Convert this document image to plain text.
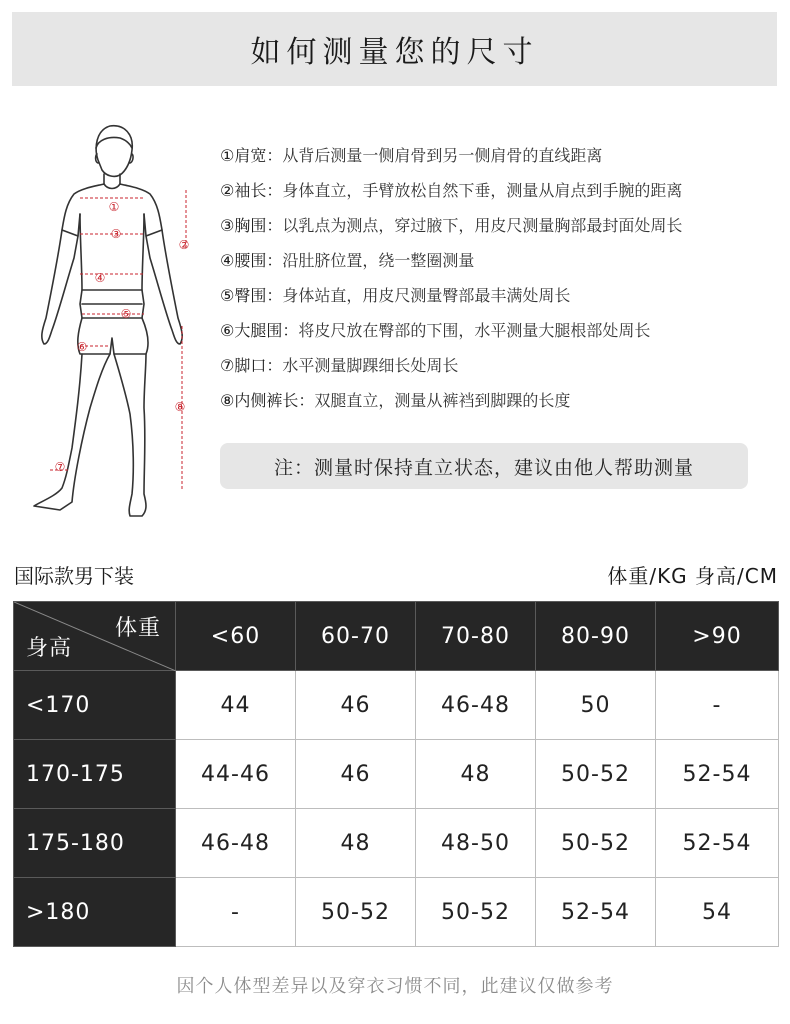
如何测量您的尺寸
①
②
③
④
⑤
⑥
⑦
⑧
①肩宽：从背后测量一侧肩骨到另一侧肩骨的直线距离
②袖长：身体直立，手臂放松自然下垂，测量从肩点到手腕的距离
③胸围：以乳点为测点，穿过腋下，用皮尺测量胸部最封面处周长
④腰围：沿肚脐位置，绕一整圈测量
⑤臀围：身体站直，用皮尺测量臀部最丰满处周长
⑥大腿围：将皮尺放在臀部的下围，水平测量大腿根部处周长
⑦脚口：水平测量脚踝细长处周长
⑧内侧裤长：双腿直立，测量从裤裆到脚踝的长度
注：测量时保持直立状态，建议由他人帮助测量
国际款男下装	体重/KG 身高/CM
体重
身高	<60	60-70	70-80	80-90	>90
<170	44	46	46-48	50	-
170-175	44-46	46	48	50-52	52-54
175-180	46-48	48	48-50	50-52	52-54
>180	-	50-52	50-52	52-54	54
因个人体型差异以及穿衣习惯不同，此建议仅做参考
